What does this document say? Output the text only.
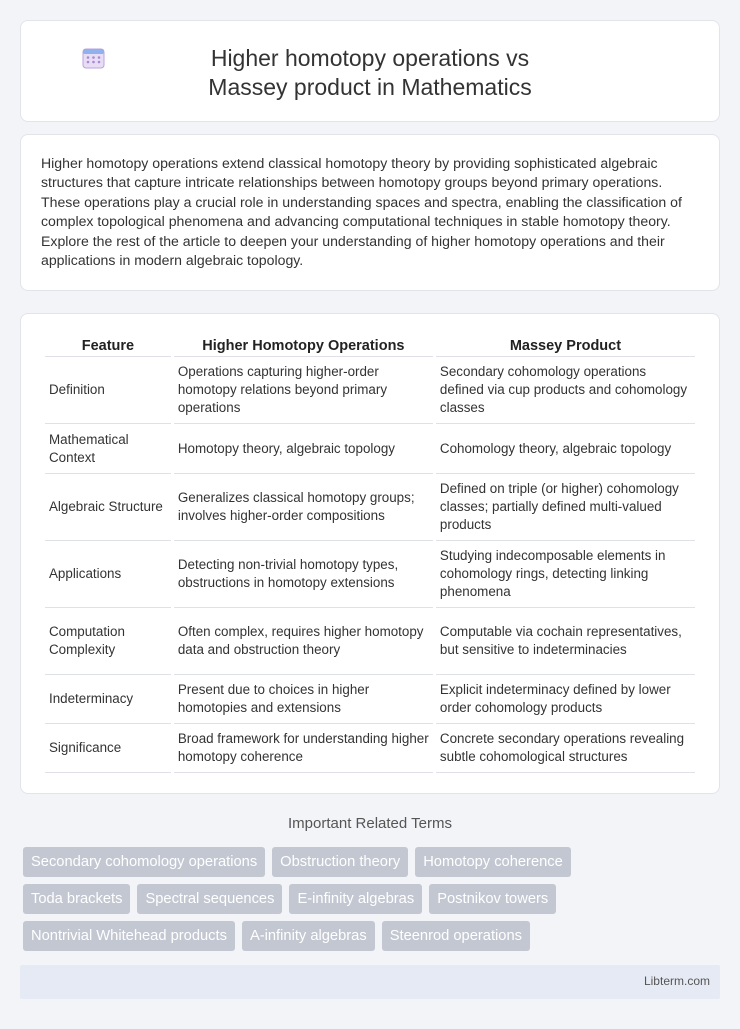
Higher homotopy operations vs Massey product in Mathematics

Higher homotopy operations extend classical homotopy theory by providing sophisticated algebraic structures that capture intricate relationships between homotopy groups beyond primary operations. These operations play a crucial role in understanding spaces and spectra, enabling the classification of complex topological phenomena and advancing computational techniques in stable homotopy theory. Explore the rest of the article to deepen your understanding of higher homotopy operations and their applications in modern algebraic topology.

Feature	Higher Homotopy Operations	Massey Product
Definition	Operations capturing higher-order homotopy relations beyond primary operations	Secondary cohomology operations defined via cup products and cohomology classes
Mathematical Context	Homotopy theory, algebraic topology	Cohomology theory, algebraic topology
Algebraic Structure	Generalizes classical homotopy groups; involves higher-order compositions	Defined on triple (or higher) cohomology classes; partially defined multi-valued products
Applications	Detecting non-trivial homotopy types, obstructions in homotopy extensions	Studying indecomposable elements in cohomology rings, detecting linking phenomena
Computation Complexity	Often complex, requires higher homotopy data and obstruction theory	Computable via cochain representatives, but sensitive to indeterminacies
Indeterminacy	Present due to choices in higher homotopies and extensions	Explicit indeterminacy defined by lower order cohomology products
Significance	Broad framework for understanding higher homotopy coherence	Concrete secondary operations revealing subtle cohomological structures
Important Related Terms
Secondary cohomology operations	Obstruction theory	Homotopy coherence
Toda brackets	Spectral sequences	E-infinity algebras	Postnikov towers
Nontrivial Whitehead products	A-infinity algebras	Steenrod operations
Libterm.com
